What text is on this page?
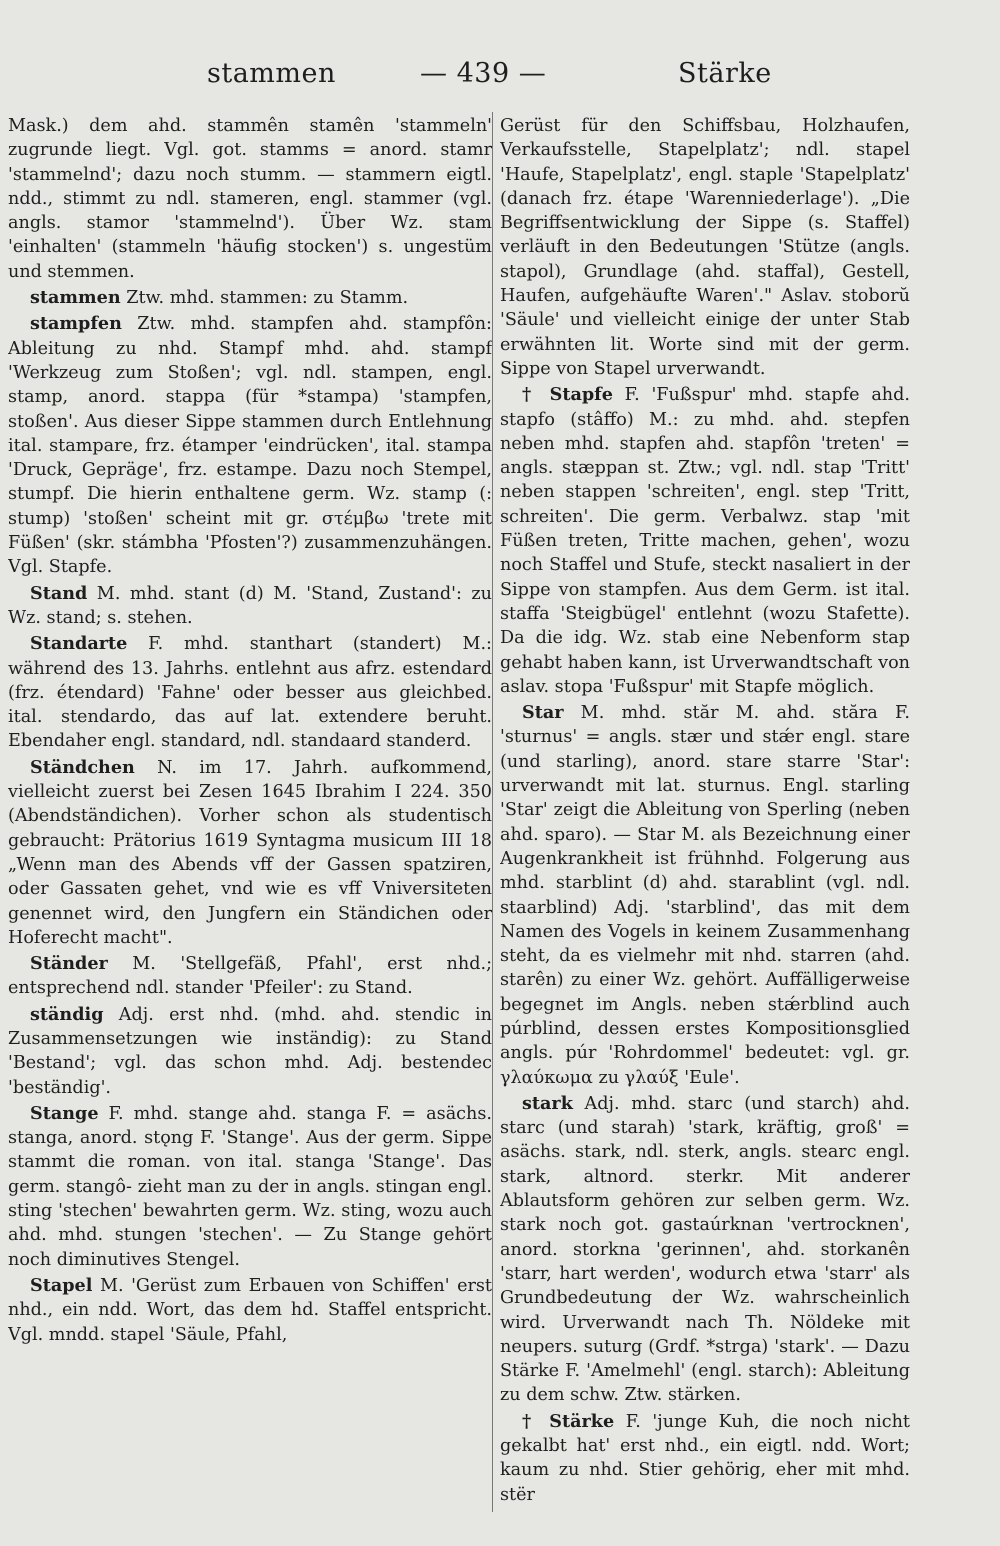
stammen	— 439 —	Stärke

Mask.) dem ahd. stammên stamên 'stammeln' zugrunde liegt. Vgl. got. stamms = anord. stamr 'stammelnd'; dazu noch stumm. — stammern eigtl. ndd., stimmt zu ndl. stameren, engl. stammer (vgl. angls. stamor 'stammelnd'). Über Wz. stam 'einhalten' (stammeln 'häufig stocken') s. ungestüm und stemmen.

stammen Ztw. mhd. stammen: zu Stamm.

stampfen Ztw. mhd. stampfen ahd. stampfôn: Ableitung zu nhd. Stampf mhd. ahd. stampf 'Werkzeug zum Stoßen'; vgl. ndl. stampen, engl. stamp, anord. stappa (für *stampa) 'stampfen, stoßen'. Aus dieser Sippe stammen durch Entlehnung ital. stampare, frz. étamper 'eindrücken', ital. stampa 'Druck, Gepräge', frz. estampe. Dazu noch Stempel, stumpf. Die hierin enthaltene germ. Wz. stamp (: stump) 'stoßen' scheint mit gr. στέμβω 'trete mit Füßen' (skr. stámbha 'Pfosten'?) zusammenzuhängen. Vgl. Stapfe.

Stand M. mhd. stant (d) M. 'Stand, Zustand': zu Wz. stand; s. stehen.

Standarte F. mhd. stanthart (standert) M.: während des 13. Jahrhs. entlehnt aus afrz. estendard (frz. étendard) 'Fahne' oder besser aus gleichbed. ital. stendardo, das auf lat. extendere beruht. Ebendaher engl. standard, ndl. standaard standerd.

Ständchen N. im 17. Jahrh. aufkommend, vielleicht zuerst bei Zesen 1645 Ibrahim I 224. 350 (Abendständichen). Vorher schon als studentisch gebraucht: Prätorius 1619 Syntagma musicum III 18 „Wenn man des Abends vff der Gassen spatziren, oder Gassaten gehet, vnd wie es vff Vniversiteten genennet wird, den Jungfern ein Ständichen oder Hoferecht macht".

Ständer M. 'Stellgefäß, Pfahl', erst nhd.; entsprechend ndl. stander 'Pfeiler': zu Stand.

ständig Adj. erst nhd. (mhd. ahd. stendic in Zusammensetzungen wie inständig): zu Stand 'Bestand'; vgl. das schon mhd. Adj. bestendec 'beständig'.

Stange F. mhd. stange ahd. stanga F. = asächs. stanga, anord. stǫng F. 'Stange'. Aus der germ. Sippe stammt die roman. von ital. stanga 'Stange'. Das germ. stangô- zieht man zu der in angls. stingan engl. sting 'stechen' bewahrten germ. Wz. sting, wozu auch ahd. mhd. stungen 'stechen'. — Zu Stange gehört noch diminutives Stengel.

Stapel M. 'Gerüst zum Erbauen von Schiffen' erst nhd., ein ndd. Wort, das dem hd. Staffel entspricht. Vgl. mndd. stapel 'Säule, Pfahl,

Gerüst für den Schiffsbau, Holzhaufen, Verkaufsstelle, Stapelplatz'; ndl. stapel 'Haufe, Stapelplatz', engl. staple 'Stapelplatz' (danach frz. étape 'Warenniederlage'). „Die Begriffsentwicklung der Sippe (s. Staffel) verläuft in den Bedeutungen 'Stütze (angls. stapol), Grundlage (ahd. staffal), Gestell, Haufen, aufgehäufte Waren'." Aslav. stoborŭ 'Säule' und vielleicht einige der unter Stab erwähnten lit. Worte sind mit der germ. Sippe von Stapel urverwandt.

† Stapfe F. 'Fußspur' mhd. stapfe ahd. stapfo (stâffo) M.: zu mhd. ahd. stepfen neben mhd. stapfen ahd. stapfôn 'treten' = angls. stæppan st. Ztw.; vgl. ndl. stap 'Tritt' neben stappen 'schreiten', engl. step 'Tritt, schreiten'. Die germ. Verbalwz. stap 'mit Füßen treten, Tritte machen, gehen', wozu noch Staffel und Stufe, steckt nasaliert in der Sippe von stampfen. Aus dem Germ. ist ital. staffa 'Steigbügel' entlehnt (wozu Stafette). Da die idg. Wz. stab eine Nebenform stap gehabt haben kann, ist Urverwandtschaft von aslav. stopa 'Fußspur' mit Stapfe möglich.

Star M. mhd. stăr M. ahd. stăra F. 'sturnus' = angls. stær und stǽr engl. stare (und starling), anord. stare starre 'Star': urverwandt mit lat. sturnus. Engl. starling 'Star' zeigt die Ableitung von Sperling (neben ahd. sparo). — Star M. als Bezeichnung einer Augenkrankheit ist frühnhd. Folgerung aus mhd. starblint (d) ahd. starablint (vgl. ndl. staarblind) Adj. 'starblind', das mit dem Namen des Vogels in keinem Zusammenhang steht, da es vielmehr mit nhd. starren (ahd. starên) zu einer Wz. gehört. Auffälligerweise begegnet im Angls. neben stǽrblind auch púrblind, dessen erstes Kompositionsglied angls. púr 'Rohrdommel' bedeutet: vgl. gr. γλαύκωμα zu γλαύξ 'Eule'.

stark Adj. mhd. starc (und starch) ahd. starc (und starah) 'stark, kräftig, groß' = asächs. stark, ndl. sterk, angls. stearc engl. stark, altnord. sterkr. Mit anderer Ablautsform gehören zur selben germ. Wz. stark noch got. gastaúrknan 'vertrocknen', anord. storkna 'gerinnen', ahd. storkanên 'starr, hart werden', wodurch etwa 'starr' als Grundbedeutung der Wz. wahrscheinlich wird. Urverwandt nach Th. Nöldeke mit neupers. suturg (Grdf. *strga) 'stark'. — Dazu Stärke F. 'Amelmehl' (engl. starch): Ableitung zu dem schw. Ztw. stärken.

† Stärke F. 'junge Kuh, die noch nicht gekalbt hat' erst nhd., ein eigtl. ndd. Wort; kaum zu nhd. Stier gehörig, eher mit mhd. stër
